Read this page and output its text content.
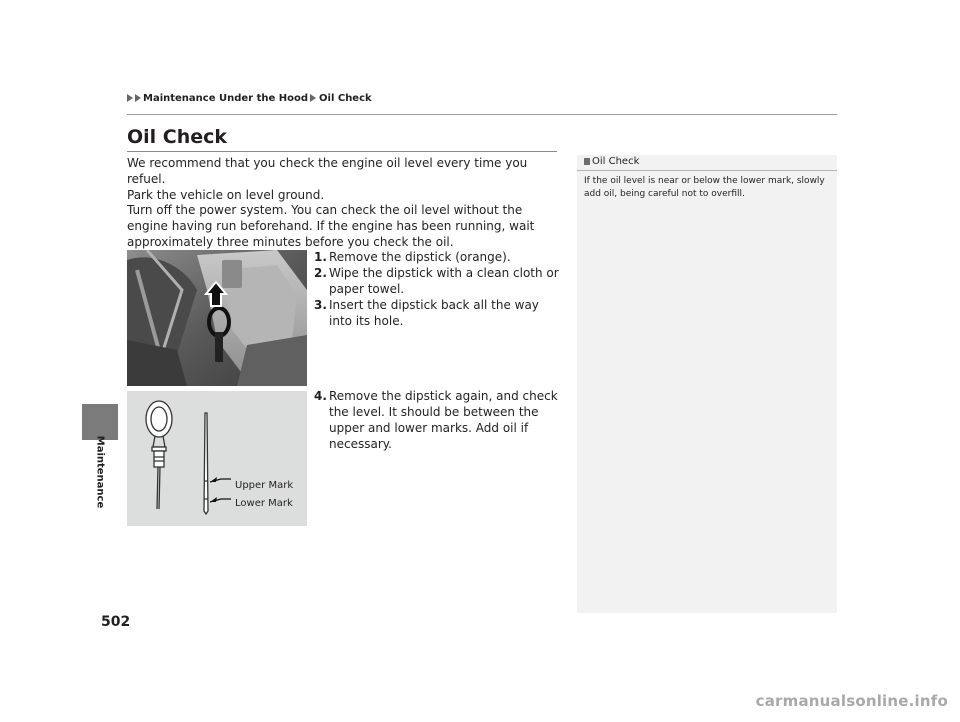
Maintenance Under the Hood Oil Check
Maintenance
502
Oil Check
We recommend that you check the engine oil level every time you refuel.
Park the vehicle on level ground.
Turn off the power system. You can check the oil level without the engine having run beforehand. If the engine has been running, wait approximately three minutes before you check the oil.
Upper Mark
Lower Mark
1. Remove the dipstick (orange).
2. Wipe the dipstick with a clean cloth or paper towel.
3. Insert the dipstick back all the way into its hole.
4. Remove the dipstick again, and check the level. It should be between the upper and lower marks. Add oil if necessary.
Oil Check
If the oil level is near or below the lower mark, slowly add oil, being careful not to overfill.
carmanualsonline.info
